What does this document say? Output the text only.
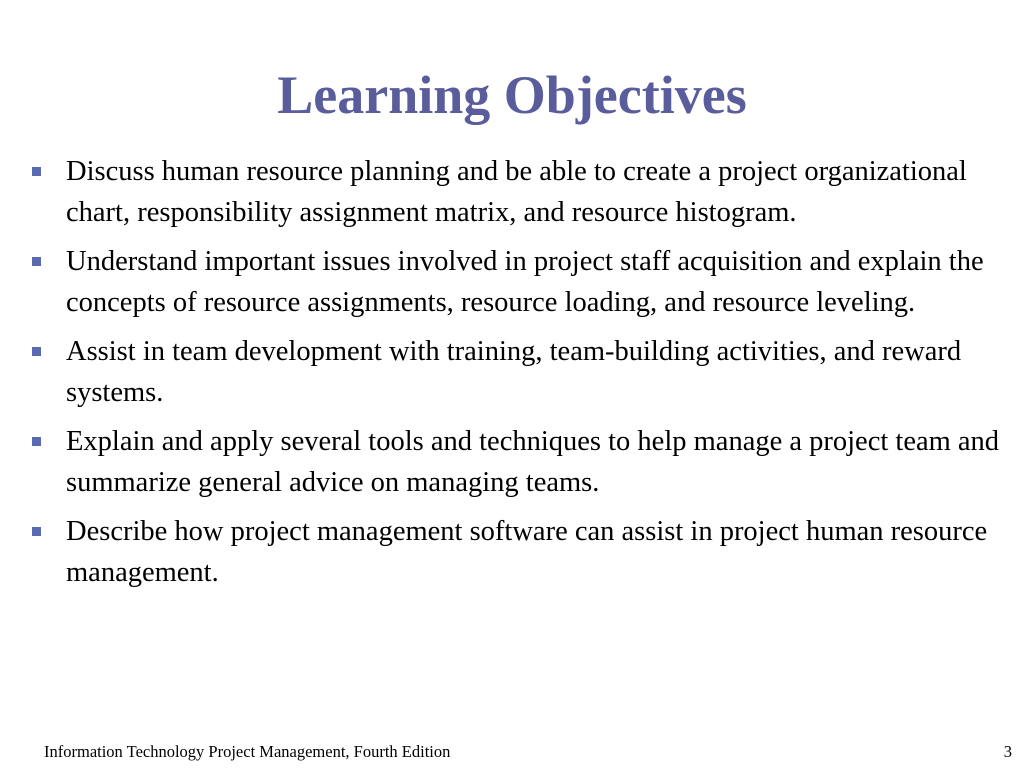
Learning Objectives
Discuss human resource planning and be able to create a project organizational chart, responsibility assignment matrix, and resource histogram.
Understand important issues involved in project staff acquisition and explain the concepts of resource assignments, resource loading, and resource leveling.
Assist in team development with training, team-building activities, and reward systems.
Explain and apply several tools and techniques to help manage a project team and summarize general advice on managing teams.
Describe how project management software can assist in project human resource management.
Information Technology Project Management, Fourth Edition	3
